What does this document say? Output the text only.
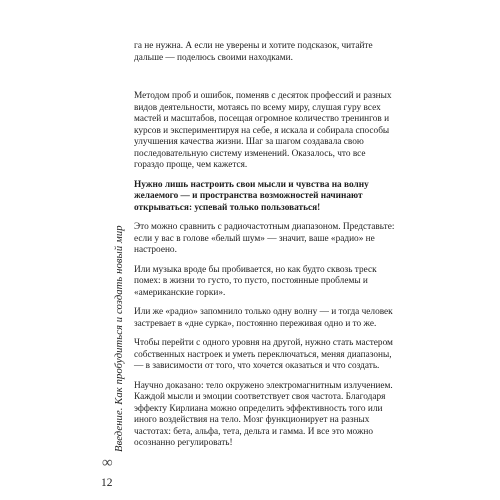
Введение. Как пробудиться и создать новый мир
∞
12

га не нужна. А если не уверены и хотите подсказок, читайте дальше — поделюсь своими находками.

Методом проб и ошибок, поменяв с десяток профессий и разных видов деятельности, мотаясь по всему миру, слушая гуру всех мастей и масштабов, посещая огромное количество тренингов и курсов и экспериментируя на себе, я искала и собирала способы улучшения качества жизни. Шаг за шагом создавала свою последовательную систему изменений. Оказалось, что все гораздо проще, чем кажется.

Нужно лишь настроить свои мысли и чувства на волну желаемого — и пространства возможностей начинают открываться: успевай только пользоваться!

Это можно сравнить с радиочастотным диапазоном. Представьте: если у вас в голове «белый шум» — значит, ваше «радио» не настроено.

Или музыка вроде бы пробивается, но как будто сквозь треск помех: в жизни то густо, то пусто, постоянные проблемы и «американские горки».

Или же «радио» запомнило только одну волну — и тогда человек застревает в «дне сурка», постоянно переживая одно и то же.

Чтобы перейти с одного уровня на другой, нужно стать мастером собственных настроек и уметь переключаться, меняя диапазоны, — в зависимости от того, что хочется оказаться и что создать.

Научно доказано: тело окружено электромагнитным излучением. Каждой мысли и эмоции соответствует своя частота. Благодаря эффекту Кирлиана можно определить эффективность того или иного воздействия на тело. Мозг функционирует на разных частотах: бета, альфа, тета, дельта и гамма. И все это можно осознанно регулировать!
